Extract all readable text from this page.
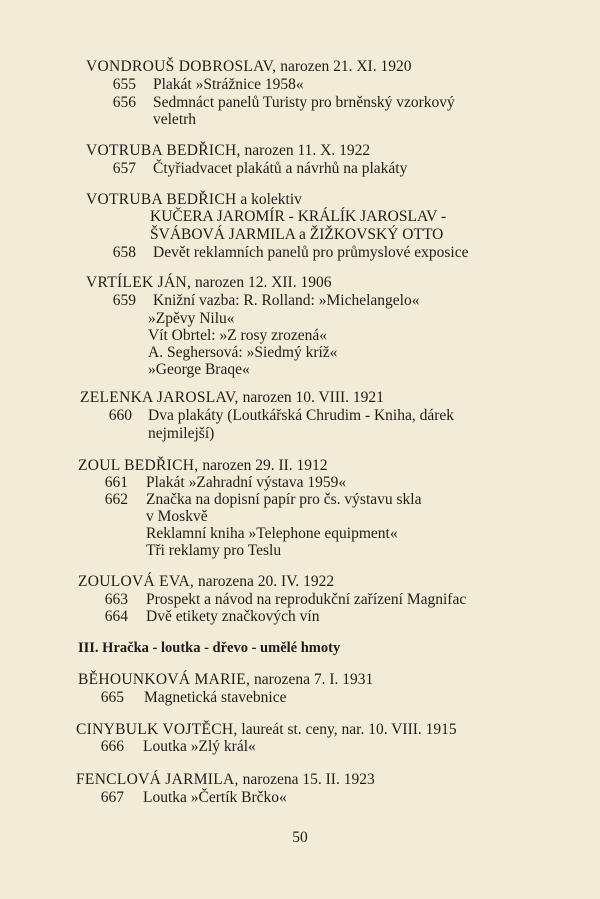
VONDROUŠ DOBROSLAV, narozen 21. XI. 1920
655 Plakát »Strážnice 1958«
656 Sedmnáct panelů Turisty pro brněnský vzorkový
veletrh
VOTRUBA BEDŘICH, narozen 11. X. 1922
657 Čtyřiadvacet plakátů a návrhů na plakáty
VOTRUBA BEDŘICH a kolektiv
KUČERA JAROMÍR - KRÁLÍK JAROSLAV -
ŠVÁBOVÁ JARMILA a ŽIŽKOVSKÝ OTTO
658 Devět reklamních panelů pro průmyslové exposice
VRTÍLEK JÁN, narozen 12. XII. 1906
659 Knižní vazba: R. Rolland: »Michelangelo«
»Zpěvy Nilu«
Vít Obrtel: »Z rosy zrozená«
A. Seghersová: »Siedmý kríž«
»George Braqe«
ZELENKA JAROSLAV, narozen 10. VIII. 1921
660 Dva plakáty (Loutkářská Chrudim - Kniha, dárek
nejmilejší)
ZOUL BEDŘICH, narozen 29. II. 1912
661 Plakát »Zahradní výstava 1959«
662 Značka na dopisní papír pro čs. výstavu skla
v Moskvě
Reklamní kniha »Telephone equipment«
Tři reklamy pro Teslu
ZOULOVÁ EVA, narozena 20. IV. 1922
663 Prospekt a návod na reprodukční zařízení Magnifac
664 Dvě etikety značkových vín
III. Hračka - loutka - dřevo - umělé hmoty
BĚHOUNKOVÁ MARIE, narozena 7. I. 1931
665 Magnetická stavebnice
CINYBULK VOJTĚCH, laureát st. ceny, nar. 10. VIII. 1915
666 Loutka »Zlý král«
FENCLOVÁ JARMILA, narozena 15. II. 1923
667 Loutka »Čertík Brčko«
50
